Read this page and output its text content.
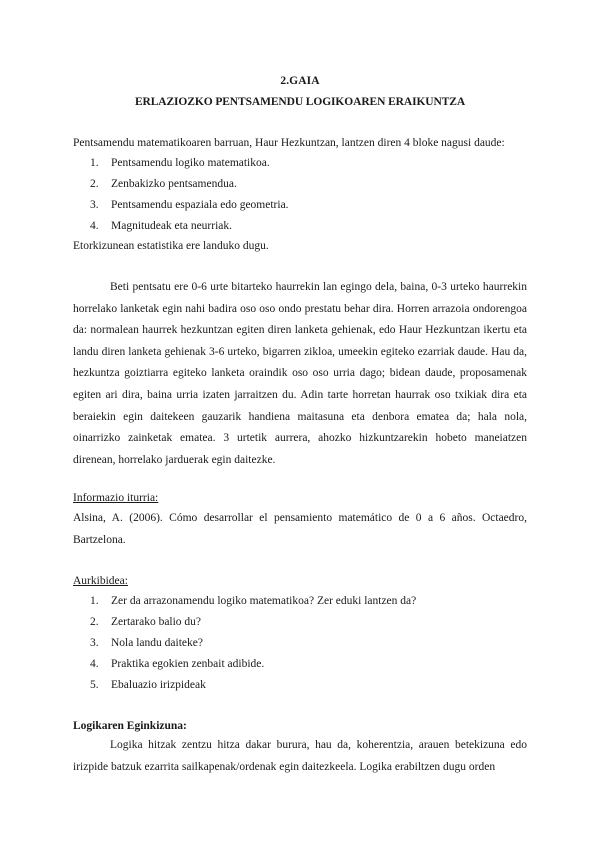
2.GAIA
ERLAZIOZKO PENTSAMENDU LOGIKOAREN ERAIKUNTZA
Pentsamendu matematikoaren barruan, Haur Hezkuntzan, lantzen diren 4 bloke nagusi daude:
1. Pentsamendu logiko matematikoa.
2. Zenbakizko pentsamendua.
3. Pentsamendu espaziala edo geometria.
4. Magnitudeak eta neurriak.
Etorkizunean estatistika ere landuko dugu.
Beti pentsatu ere 0-6 urte bitarteko haurrekin lan egingo dela, baina, 0-3 urteko haurrekin horrelako lanketak egin nahi badira oso oso ondo prestatu behar dira. Horren arrazoia ondorengoa da: normalean haurrek hezkuntzan egiten diren lanketa gehienak, edo Haur Hezkuntzan ikertu eta landu diren lanketa gehienak 3-6 urteko, bigarren zikloa, umeekin egiteko ezarriak daude. Hau da, hezkuntza goiztiarra egiteko lanketa oraindik oso oso urria dago; bidean daude, proposamenak egiten ari dira, baina urria izaten jarraitzen du. Adin tarte horretan haurrak oso txikiak dira eta beraiekin egin daitekeen gauzarik handiena maitasuna eta denbora ematea da; hala nola, oinarrizko zainketak ematea. 3 urtetik aurrera, ahozko hizkuntzarekin hobeto maneiatzen direnean, horrelako jarduerak egin daitezke.
Informazio iturria:
Alsina, A. (2006). Cómo desarrollar el pensamiento matemático de 0 a 6 años. Octaedro, Bartzelona.
Aurkibidea:
1. Zer da arrazonamendu logiko matematikoa? Zer eduki lantzen da?
2. Zertarako balio du?
3. Nola landu daiteke?
4. Praktika egokien zenbait adibide.
5. Ebaluazio irizpideak
Logikaren Eginkizuna:
Logika hitzak zentzu hitza dakar burura, hau da, koherentzia, arauen betekizuna edo irizpide batzuk ezarrita sailkapenak/ordenak egin daitezkeela. Logika erabiltzen dugu orden
